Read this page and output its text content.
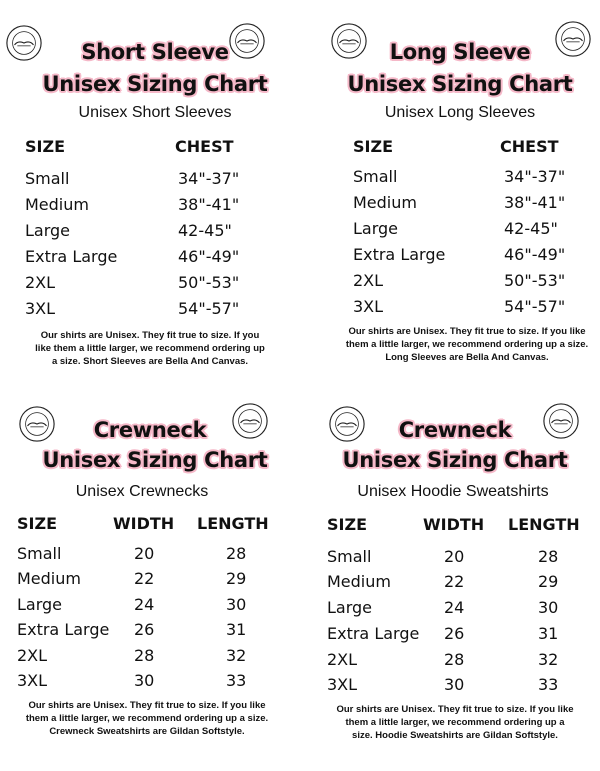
Short Sleeve
Unisex Sizing Chart
Unisex Short Sleeves
SIZE	CHEST
Small	34"-37"
Medium	38"-41"
Large	42-45"
Extra Large	46"-49"
2XL	50"-53"
3XL	54"-57"
Our shirts are Unisex. They fit true to size. If you like them a little larger, we recommend ordering up a size. Short Sleeves are Bella And Canvas.
Long Sleeve
Unisex Sizing Chart
Unisex Long Sleeves
SIZE	CHEST
Small	34"-37"
Medium	38"-41"
Large	42-45"
Extra Large	46"-49"
2XL	50"-53"
3XL	54"-57"
Our shirts are Unisex. They fit true to size. If you like them a little larger, we recommend ordering up a size. Long Sleeves are Bella And Canvas.
Crewneck
Unisex Sizing Chart
Unisex Crewnecks
SIZE	WIDTH LENGTH
Small	20	28
Medium	22	29
Large	24	30
Extra Large 26	31
2XL	28	32
3XL	30	33
Our shirts are Unisex. They fit true to size. If you like them a little larger, we recommend ordering up a size. Crewneck Sweatshirts are Gildan Softstyle.
Crewneck
Unisex Sizing Chart
Unisex Hoodie Sweatshirts
SIZE	WIDTH LENGTH
Small	20	28
Medium	22	29
Large	24	30
Extra Large 26	31
2XL	28	32
3XL	30	33
Our shirts are Unisex. They fit true to size. If you like them a little larger, we recommend ordering up a size. Hoodie Sweatshirts are Gildan Softstyle.
